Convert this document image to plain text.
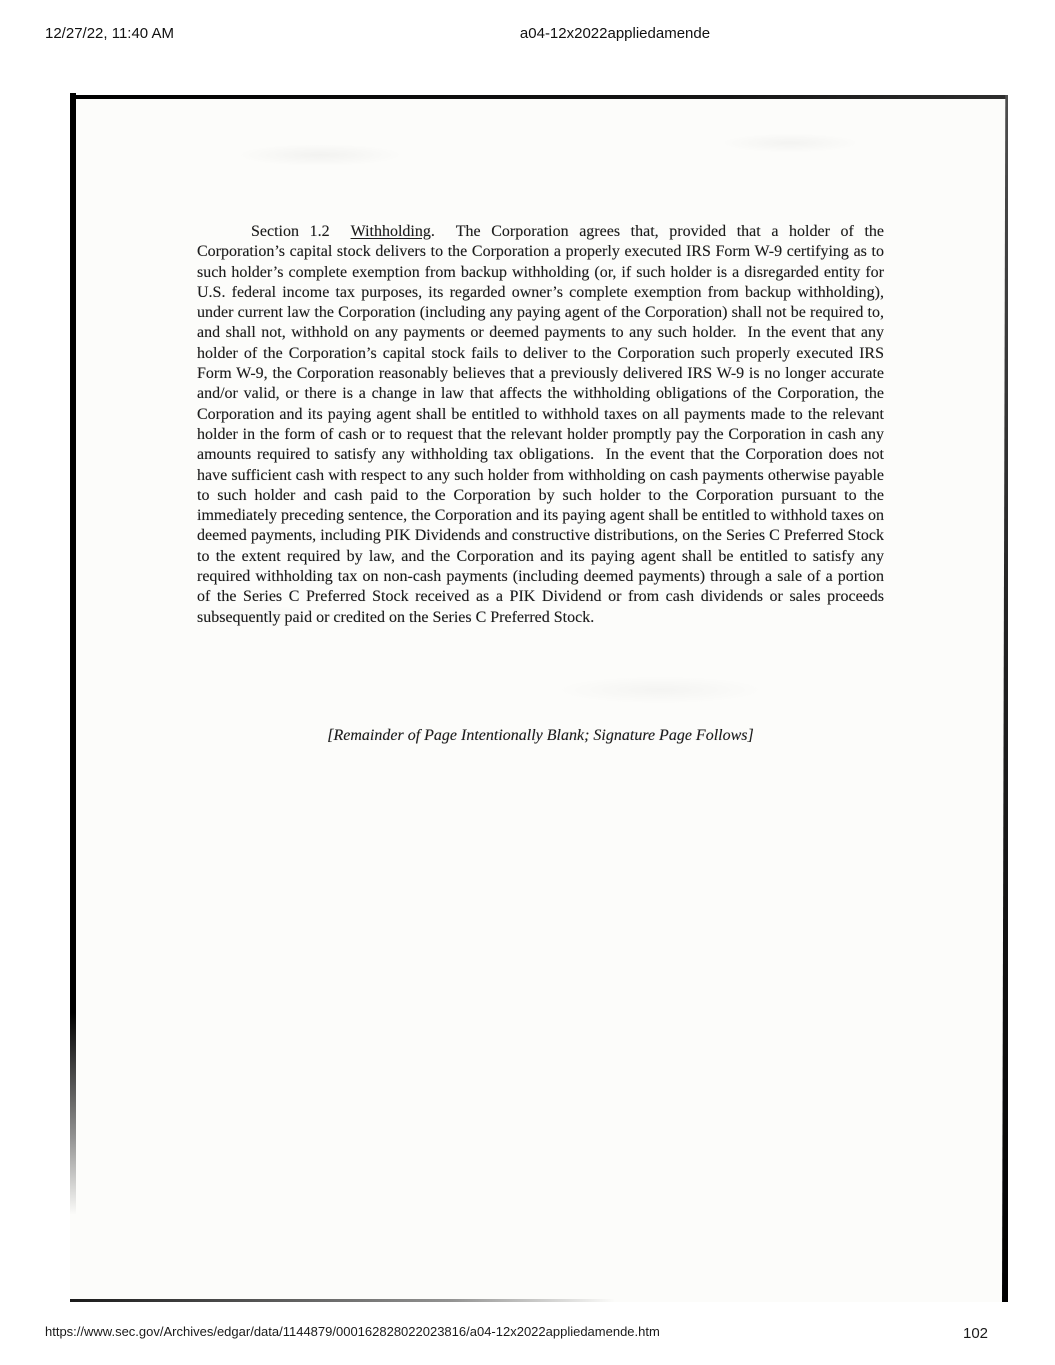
12/27/22, 11:40 AM	a04-12x2022appliedamende

Section 1.2 Withholding.  The Corporation agrees that, provided that a holder of the Corporation’s capital stock delivers to the Corporation a properly executed IRS Form W-9 certifying as to such holder’s complete exemption from backup withholding (or, if such holder is a disregarded entity for U.S. federal income tax purposes, its regarded owner’s complete exemption from backup withholding), under current law the Corporation (including any paying agent of the Corporation) shall not be required to, and shall not, withhold on any payments or deemed payments to any such holder.  In the event that any holder of the Corporation’s capital stock fails to deliver to the Corporation such properly executed IRS Form W-9, the Corporation reasonably believes that a previously delivered IRS W-9 is no longer accurate and/or valid, or there is a change in law that affects the withholding obligations of the Corporation, the Corporation and its paying agent shall be entitled to withhold taxes on all payments made to the relevant holder in the form of cash or to request that the relevant holder promptly pay the Corporation in cash any amounts required to satisfy any withholding tax obligations.  In the event that the Corporation does not have sufficient cash with respect to any such holder from withholding on cash payments otherwise payable to such holder and cash paid to the Corporation by such holder to the Corporation pursuant to the immediately preceding sentence, the Corporation and its paying agent shall be entitled to withhold taxes on deemed payments, including PIK Dividends and constructive distributions, on the Series C Preferred Stock to the extent required by law, and the Corporation and its paying agent shall be entitled to satisfy any required withholding tax on non-cash payments (including deemed payments) through a sale of a portion of the Series C Preferred Stock received as a PIK Dividend or from cash dividends or sales proceeds subsequently paid or credited on the Series C Preferred Stock.

[Remainder of Page Intentionally Blank; Signature Page Follows]
https://www.sec.gov/Archives/edgar/data/1144879/000162828022023816/a04-12x2022appliedamende.htm	102
